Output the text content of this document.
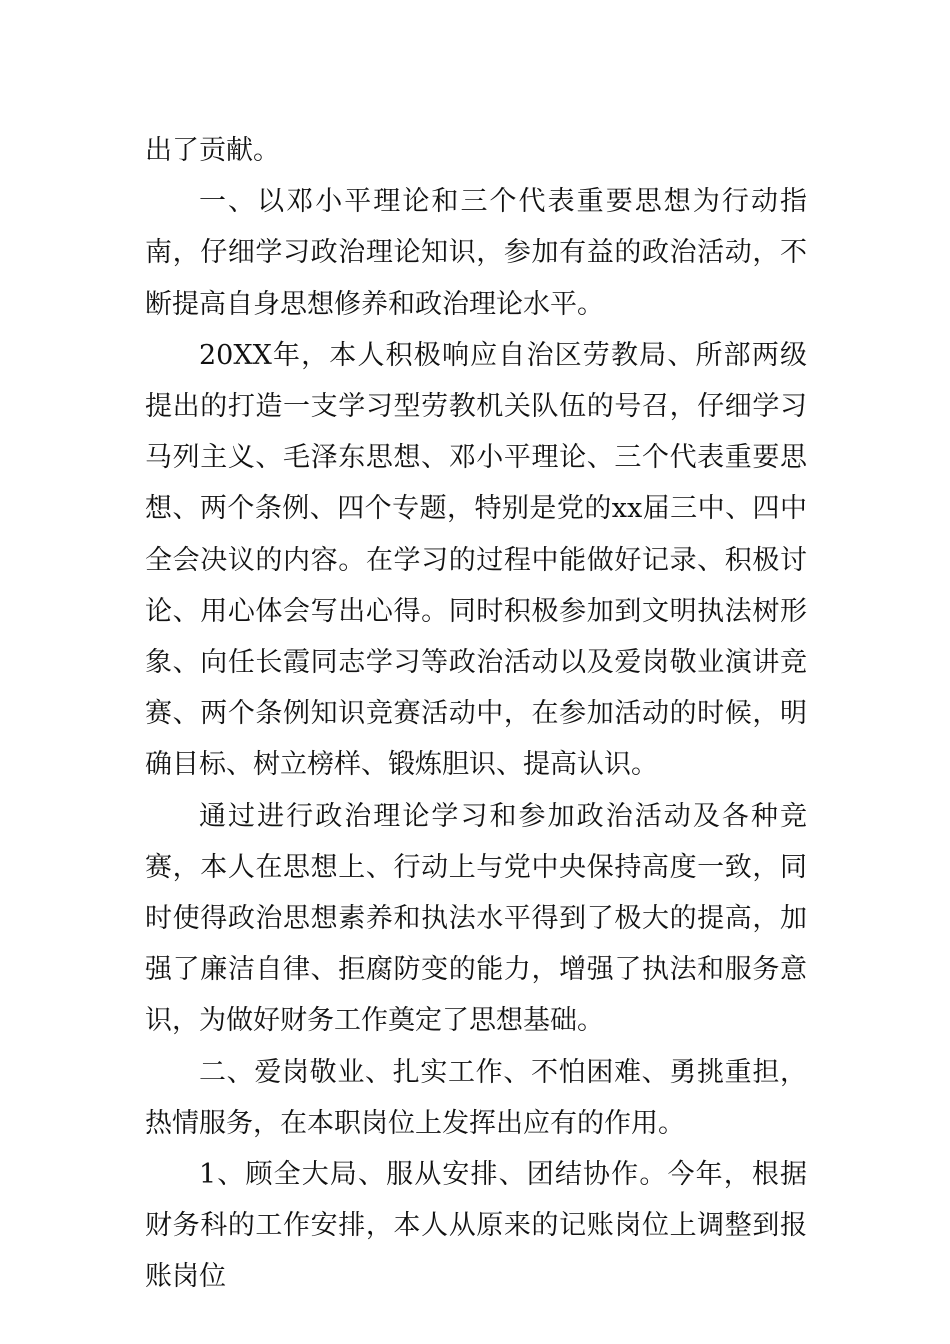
出了贡献。

一、以邓小平理论和三个代表重要思想为行动指南，仔细学习政治理论知识，参加有益的政治活动，不断提高自身思想修养和政治理论水平。

20XX年，本人积极响应自治区劳教局、所部两级提出的打造一支学习型劳教机关队伍的号召，仔细学习马列主义、毛泽东思想、邓小平理论、三个代表重要思想、两个条例、四个专题，特别是党的xx届三中、四中全会决议的内容。在学习的过程中能做好记录、积极讨论、用心体会写出心得。同时积极参加到文明执法树形象、向任长霞同志学习等政治活动以及爱岗敬业演讲竞赛、两个条例知识竞赛活动中，在参加活动的时候，明确目标、树立榜样、锻炼胆识、提高认识。

通过进行政治理论学习和参加政治活动及各种竞赛，本人在思想上、行动上与党中央保持高度一致，同时使得政治思想素养和执法水平得到了极大的提高，加强了廉洁自律、拒腐防变的能力，增强了执法和服务意识，为做好财务工作奠定了思想基础。

二、爱岗敬业、扎实工作、不怕困难、勇挑重担，热情服务，在本职岗位上发挥出应有的作用。

1、顾全大局、服从安排、团结协作。今年，根据财务科的工作安排，本人从原来的记账岗位上调整到报账岗位
